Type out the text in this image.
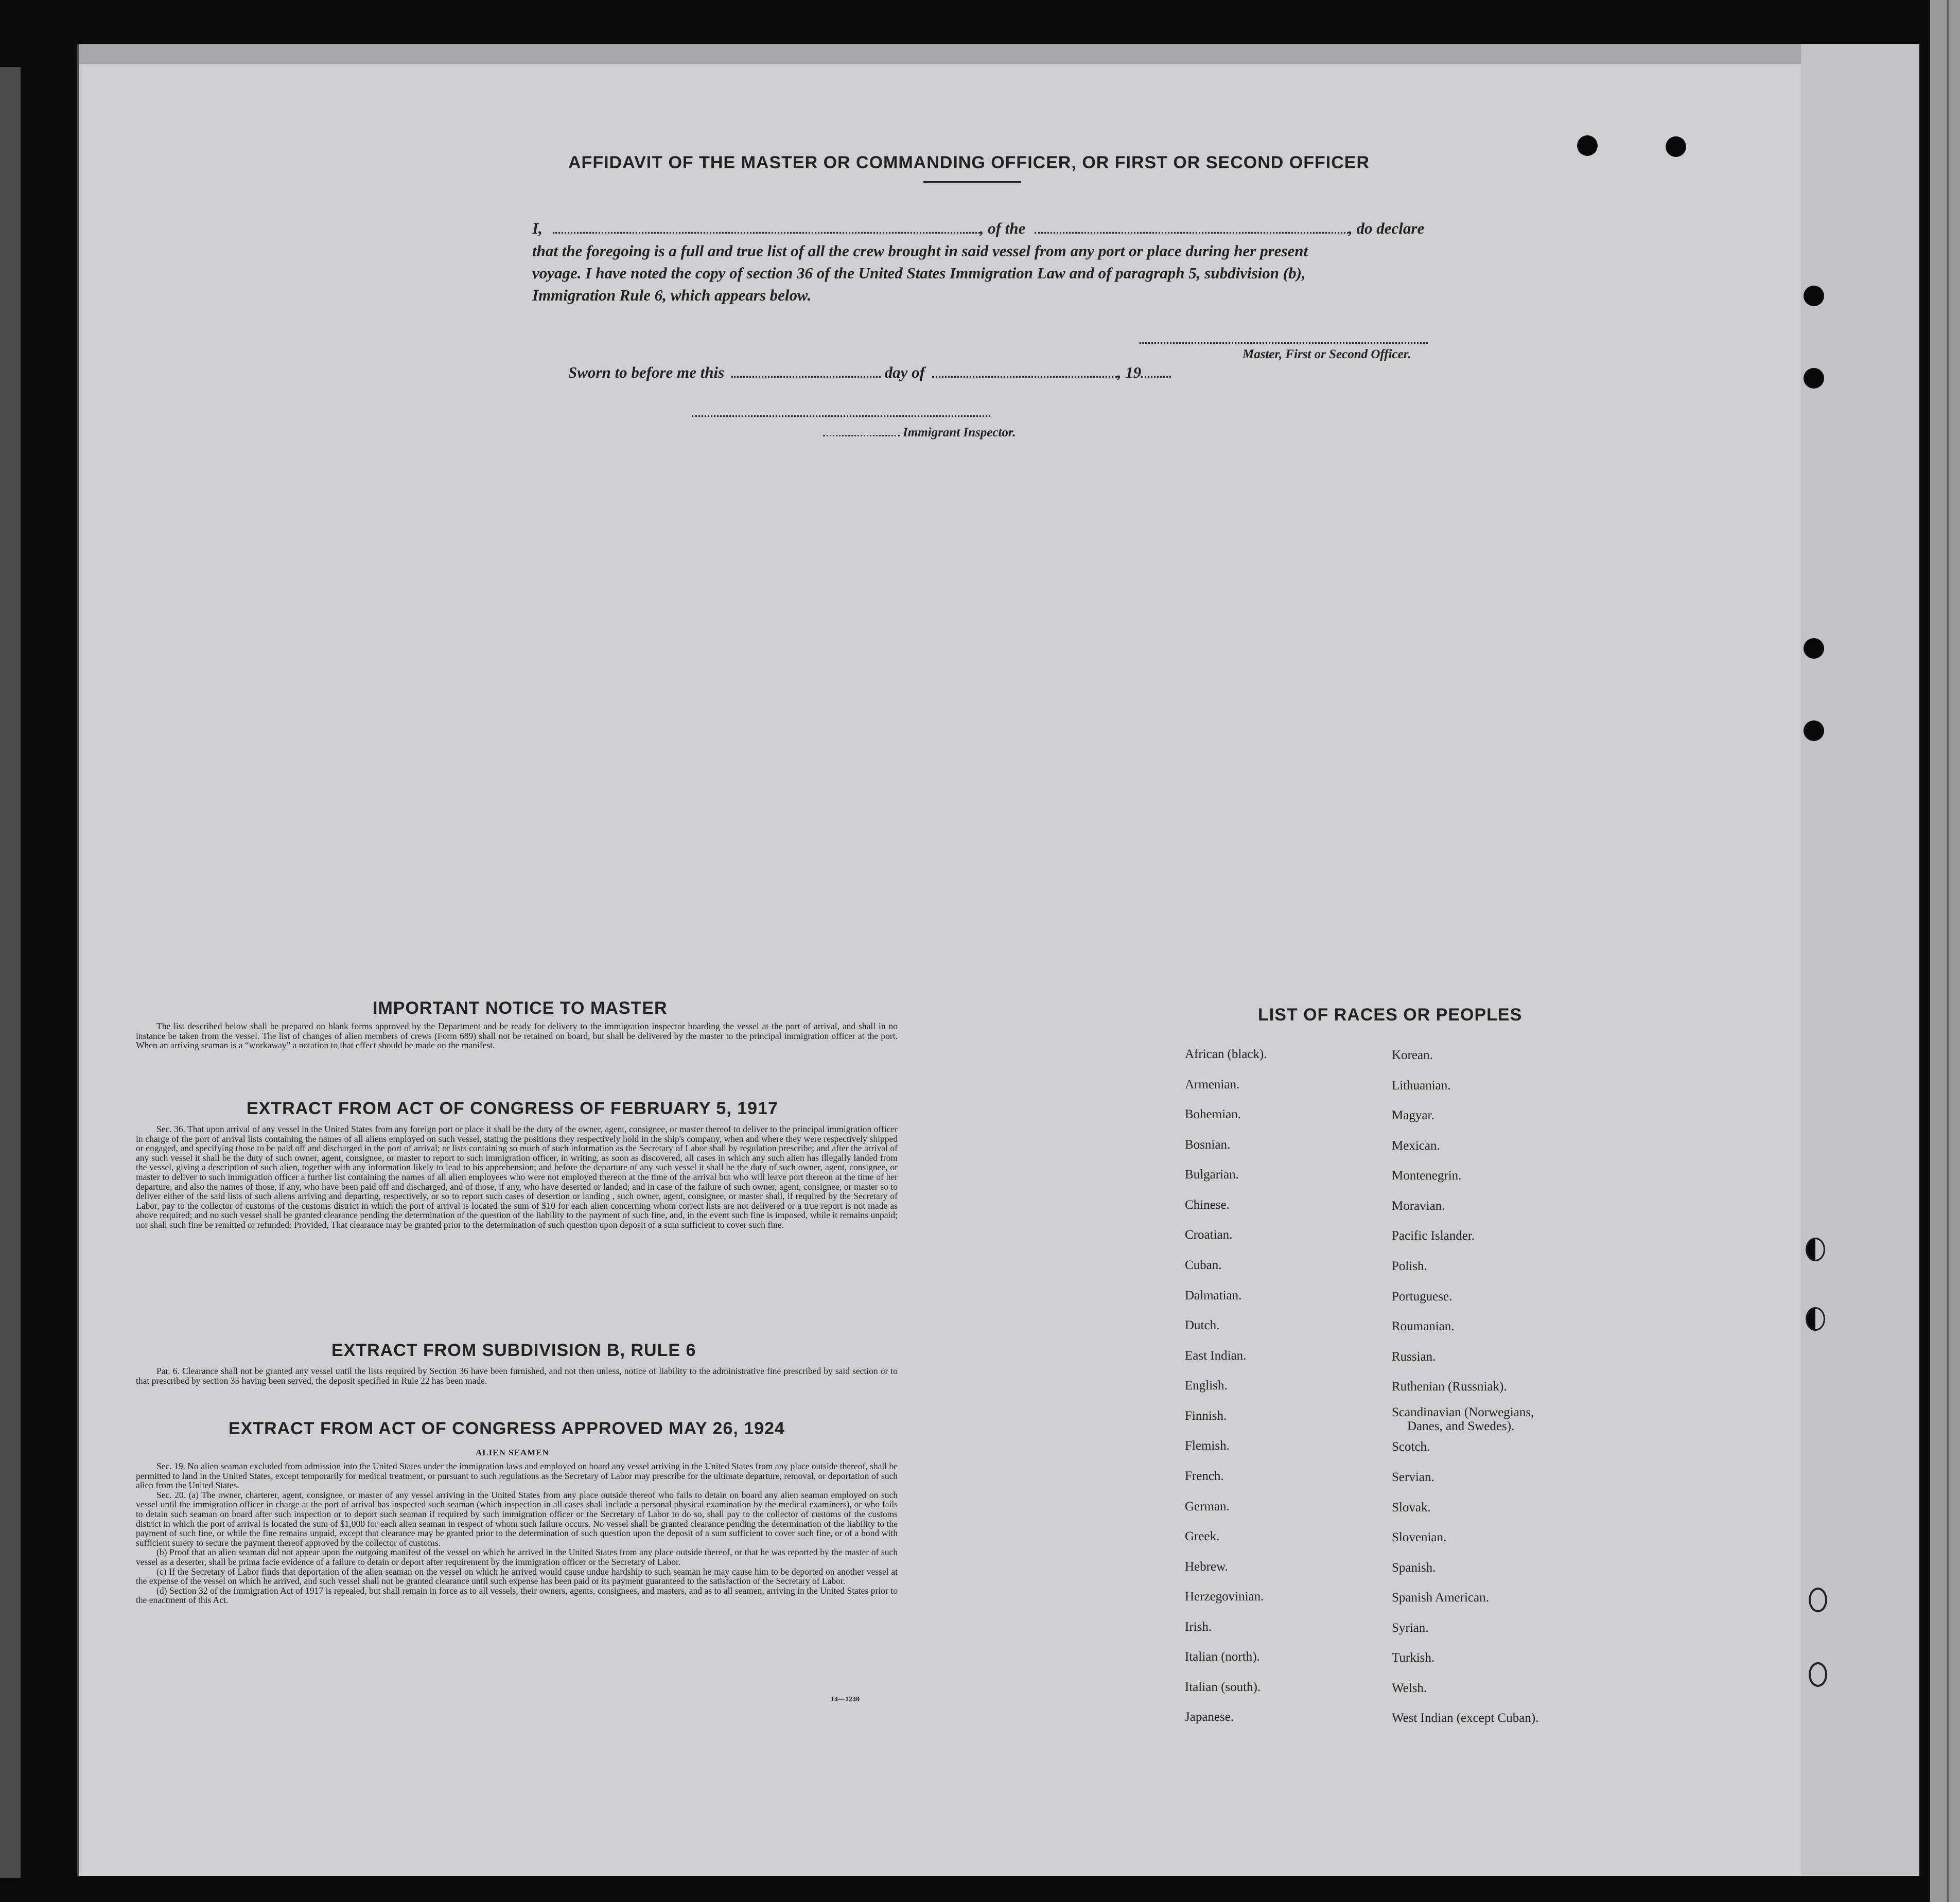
AFFIDAVIT OF THE MASTER OR COMMANDING OFFICER, OR FIRST OR SECOND OFFICER
I,	, of the	, do declare
that the foregoing is a full and true list of all the crew brought in said vessel from any port or place during her present
voyage. I have noted the copy of section 36 of the United States Immigration Law and of paragraph 5, subdivision (b),
Immigration Rule 6, which appears below.
Master, First or Second Officer.
Sworn to before me this	day of	, 19
Immigrant Inspector.
IMPORTANT NOTICE TO MASTER

The list described below shall be prepared on blank forms approved by the Department and be ready for delivery to the immigration inspector boarding the vessel at the port of arrival, and shall in no instance be taken from the vessel. The list of changes of alien members of crews (Form 689) shall not be retained on board, but shall be delivered by the master to the principal immigration officer at the port. When an arriving seaman is a “workaway” a notation to that effect should be made on the manifest.

EXTRACT FROM ACT OF CONGRESS OF FEBRUARY 5, 1917

Sec. 36. That upon arrival of any vessel in the United States from any foreign port or place it shall be the duty of the owner, agent, consignee, or master thereof to deliver to the principal immigration officer in charge of the port of arrival lists containing the names of all aliens employed on such vessel, stating the positions they respectively hold in the ship's company, when and where they were respectively shipped or engaged, and specifying those to be paid off and discharged in the port of arrival; or lists containing so much of such information as the Secretary of Labor shall by regulation prescribe; and after the arrival of any such vessel it shall be the duty of such owner, agent, consignee, or master to report to such immigration officer, in writing, as soon as discovered, all cases in which any such alien has illegally landed from the vessel, giving a description of such alien, together with any information likely to lead to his apprehension; and before the departure of any such vessel it shall be the duty of such owner, agent, consignee, or master to deliver to such immigration officer a further list containing the names of all alien employees who were not employed thereon at the time of the arrival but who will leave port thereon at the time of her departure, and also the names of those, if any, who have been paid off and discharged, and of those, if any, who have deserted or landed; and in case of the failure of such owner, agent, consignee, or master so to deliver either of the said lists of such aliens arriving and departing, respectively, or so to report such cases of desertion or landing , such owner, agent, consignee, or master shall, if required by the Secretary of Labor, pay to the collector of customs of the customs district in which the port of arrival is located the sum of $10 for each alien concerning whom correct lists are not delivered or a true report is not made as above required; and no such vessel shall be granted clearance pending the determination of the question of the liability to the payment of such fine, and, in the event such fine is imposed, while it remains unpaid; nor shall such fine be remitted or refunded: Provided, That clearance may be granted prior to the determination of such question upon deposit of a sum sufficient to cover such fine.

EXTRACT FROM SUBDIVISION B, RULE 6

Par. 6. Clearance shall not be granted any vessel until the lists required by Section 36 have been furnished, and not then unless, notice of liability to the administrative fine prescribed by said section or to that prescribed by section 35 having been served, the deposit specified in Rule 22 has been made.

EXTRACT FROM ACT OF CONGRESS APPROVED MAY 26, 1924
ALIEN SEAMEN

Sec. 19. No alien seaman excluded from admission into the United States under the immigration laws and employed on board any vessel arriving in the United States from any place outside thereof, shall be permitted to land in the United States, except temporarily for medical treatment, or pursuant to such regulations as the Secretary of Labor may prescribe for the ultimate departure, removal, or deportation of such alien from the United States.

Sec. 20. (a) The owner, charterer, agent, consignee, or master of any vessel arriving in the United States from any place outside thereof who fails to detain on board any alien seaman employed on such vessel until the immigration officer in charge at the port of arrival has inspected such seaman (which inspection in all cases shall include a personal physical examination by the medical examiners), or who fails to detain such seaman on board after such inspection or to deport such seaman if required by such immigration officer or the Secretary of Labor to do so, shall pay to the collector of customs of the customs district in which the port of arrival is located the sum of $1,000 for each alien seaman in respect of whom such failure occurs. No vessel shall be granted clearance pending the determination of the liability to the payment of such fine, or while the fine remains unpaid, except that clearance may be granted prior to the determination of such question upon the deposit of a sum sufficient to cover such fine, or of a bond with sufficient surety to secure the payment thereof approved by the collector of customs.

(b) Proof that an alien seaman did not appear upon the outgoing manifest of the vessel on which he arrived in the United States from any place outside thereof, or that he was reported by the master of such vessel as a deserter, shall be prima facie evidence of a failure to detain or deport after requirement by the immigration officer or the Secretary of Labor.

(c) If the Secretary of Labor finds that deportation of the alien seaman on the vessel on which he arrived would cause undue hardship to such seaman he may cause him to be deported on another vessel at the expense of the vessel on which he arrived, and such vessel shall not be granted clearance until such expense has been paid or its payment guaranteed to the satisfaction of the Secretary of Labor.

(d) Section 32 of the Immigration Act of 1917 is repealed, but shall remain in force as to all vessels, their owners, agents, consignees, and masters, and as to all seamen, arriving in the United States prior to the enactment of this Act.

14—1240
LIST OF RACES OR PEOPLES
African (black).
Armenian.
Bohemian.
Bosnian.
Bulgarian.
Chinese.
Croatian.
Cuban.
Dalmatian.
Dutch.
East Indian.
English.
Finnish.
Flemish.
French.
German.
Greek.
Hebrew.
Herzegovinian.
Irish.
Italian (north).
Italian (south).
Japanese.
Korean.
Lithuanian.
Magyar.
Mexican.
Montenegrin.
Moravian.
Pacific Islander.
Polish.
Portuguese.
Roumanian.
Russian.
Ruthenian (Russniak).
Scandinavian (Norwegians,
Danes, and Swedes).
Scotch.
Servian.
Slovak.
Slovenian.
Spanish.
Spanish American.
Syrian.
Turkish.
Welsh.
West Indian (except Cuban).
